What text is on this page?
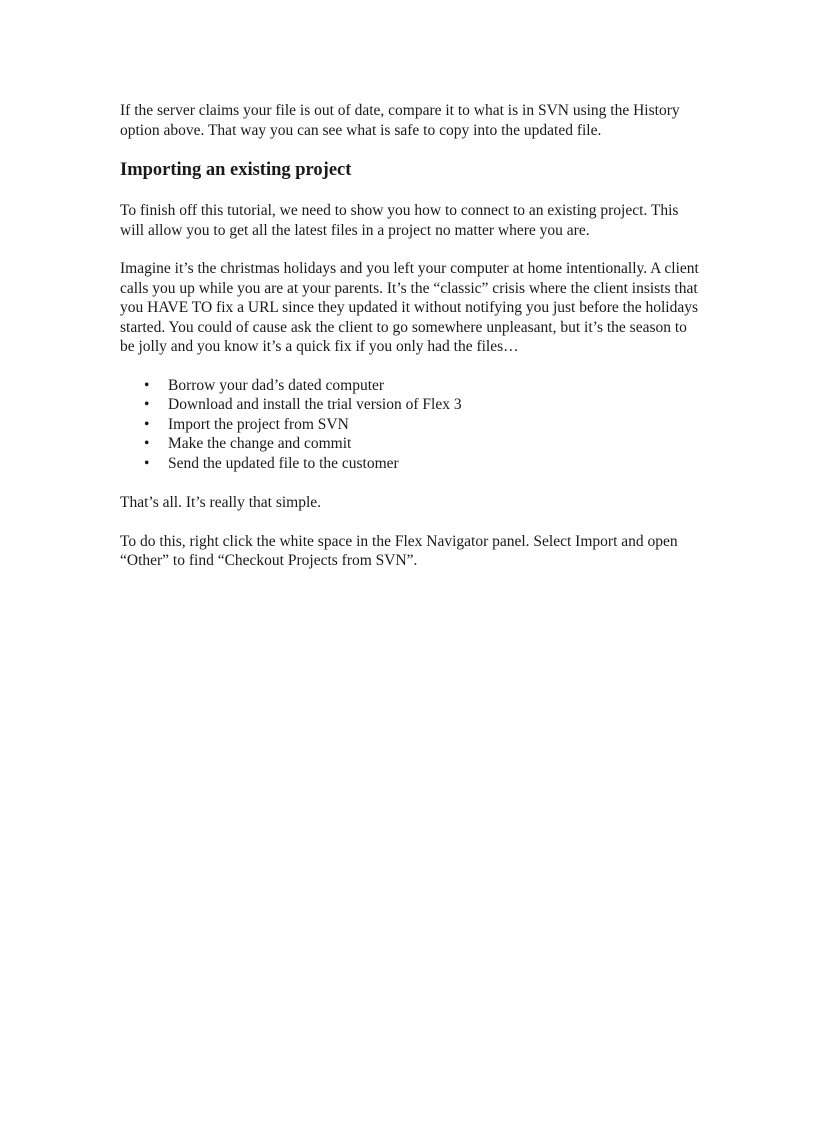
If the server claims your file is out of date, compare it to what is in SVN using the History option above. That way you can see what is safe to copy into the updated file.

Importing an existing project

To finish off this tutorial, we need to show you how to connect to an existing project. This will allow you to get all the latest files in a project no matter where you are.

Imagine it’s the christmas holidays and you left your computer at home intentionally. A client calls you up while you are at your parents. It’s the “classic” crisis where the client insists that you HAVE TO fix a URL since they updated it without notifying you just before the holidays started. You could of cause ask the client to go somewhere unpleasant, but it’s the season to be jolly and you know it’s a quick fix if you only had the files…

• Borrow your dad’s dated computer
• Download and install the trial version of Flex 3
• Import the project from SVN
• Make the change and commit
• Send the updated file to the customer

That’s all. It’s really that simple.

To do this, right click the white space in the Flex Navigator panel. Select Import and open “Other” to find “Checkout Projects from SVN”.
